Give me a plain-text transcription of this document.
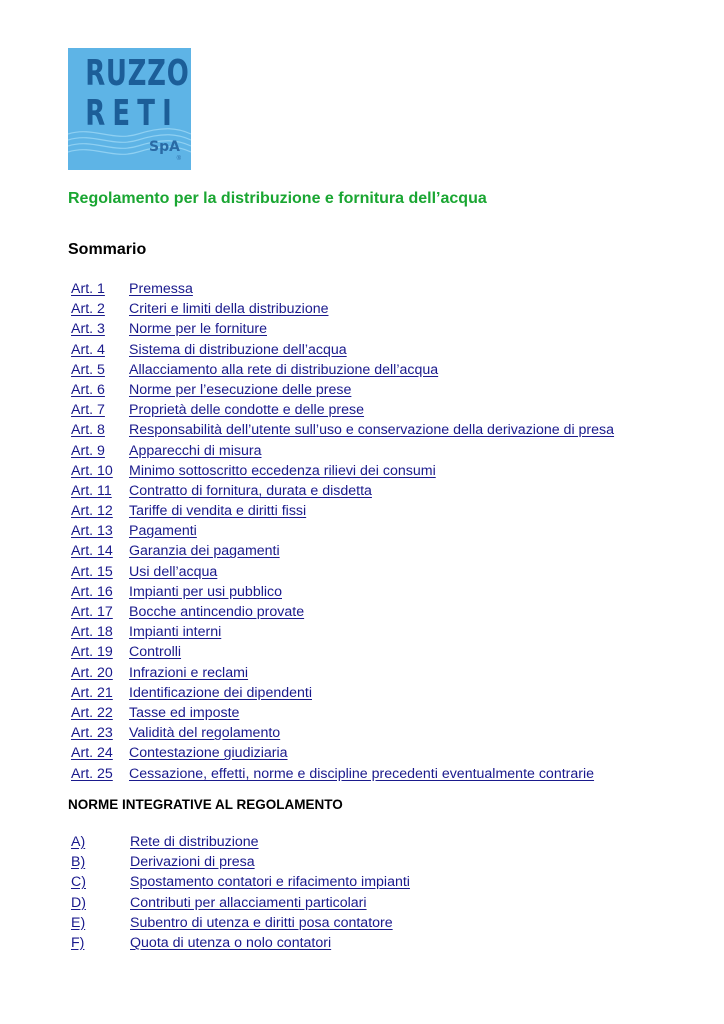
RUZZO
RETI
SpA
®
Regolamento per la distribuzione e fornitura dell’acqua
Sommario
Art. 1 Premessa
Art. 2 Criteri e limiti della distribuzione
Art. 3 Norme per le forniture
Art. 4 Sistema di distribuzione dell’acqua
Art. 5 Allacciamento alla rete di distribuzione dell’acqua
Art. 6 Norme per l’esecuzione delle prese
Art. 7 Proprietà delle condotte e delle prese
Art. 8 Responsabilità dell’utente sull’uso e conservazione della derivazione di presa
Art. 9 Apparecchi di misura
Art. 10 Minimo sottoscritto eccedenza rilievi dei consumi
Art. 11 Contratto di fornitura, durata e disdetta
Art. 12 Tariffe di vendita e diritti fissi
Art. 13 Pagamenti
Art. 14 Garanzia dei pagamenti
Art. 15 Usi dell’acqua
Art. 16 Impianti per usi pubblico
Art. 17 Bocche antincendio provate
Art. 18 Impianti interni
Art. 19 Controlli
Art. 20 Infrazioni e reclami
Art. 21 Identificazione dei dipendenti
Art. 22 Tasse ed imposte
Art. 23 Validità del regolamento
Art. 24 Contestazione giudiziaria
Art. 25 Cessazione, effetti, norme e discipline precedenti eventualmente contrarie
NORME INTEGRATIVE AL REGOLAMENTO
A)	Rete di distribuzione
B)	Derivazioni di presa
C)	Spostamento contatori e rifacimento impianti
D)	Contributi per allacciamenti particolari
E)	Subentro di utenza e diritti posa contatore
F)	Quota di utenza o nolo contatori
